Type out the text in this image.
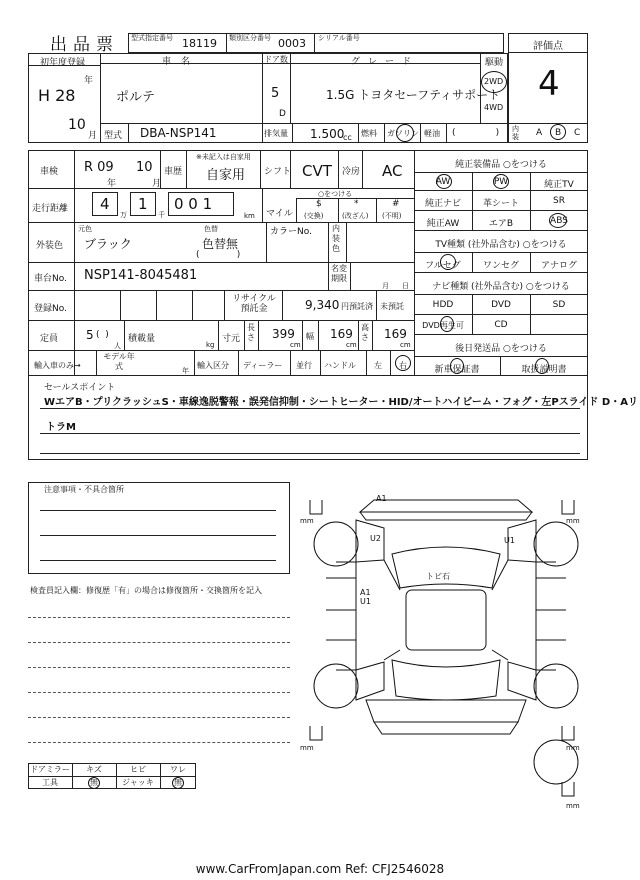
出品票 型式指定番号 18119 類別区分番号 0003 シリアル番号
評価点
4
初年度登録
年
H 28
10
月
車名
ポルテ
ドア数
5
D
グレード
1.5G トヨタセーフティサポート
駆動
2WD
4WD
型式 DBA-NSP141	排気量 1.500
cc 燃料 ガソリン 軽油 (              ) 内装	A B C
車検 R 09
年
10
月
車歴
※未記入は自家用
自家用 シフト CVT 冷房 AC
走行距離 4
万
1
千
0 0 1
km マイル
○をつける
$
(交換)
*
(改ざん)
#
(不明)
外装色
元色
ブラック
色替
色替無
(             )
カラーNo.	内装色
車台No. NSP141-8045481	名変期限
月 日
登録No.
リサイクル預託金	9,340 円預託済 未預託
定員 5 (  )
人
積載量
kg
寸元
長さ 399
cm
幅 169
cm
高さ 169
cm
輸入車のみ→
モデル年式	年
輸入区分 ディーラー 並行 ハンドル 左 右
純正装備品 ○をつける
AW	PW	純正TV
純正ナビ	革シート	SR
純正AW	エアB	ABS
TV種類 (社外品含む) ○をつける
フルセグ	ワンセグ	アナログ
ナビ種類 (社外品含む) ○をつける
HDD	DVD	SD
DVD再生可	CD
後日発送品 ○をつける
新車保証書	取扱説明書
セールスポイント
WエアB・プリクラッシュS・車線逸脱警報・誤発信抑制・シートヒーター・HID/オートハイビーム・フォグ・左Pスライド D・Aリ
トラM
注意事項・不具合箇所
検査員記入欄：修復歴「有」の場合は修復箇所・交換箇所を記入
ドアミラー	キズ	ヒビ	ワレ
工具	無	ジャッキ	無
A1
U2	U1
トビ石
A1
U1
mm	mm
mm	mm
mm
www.CarFromJapan.com Ref: CFJ2546028
